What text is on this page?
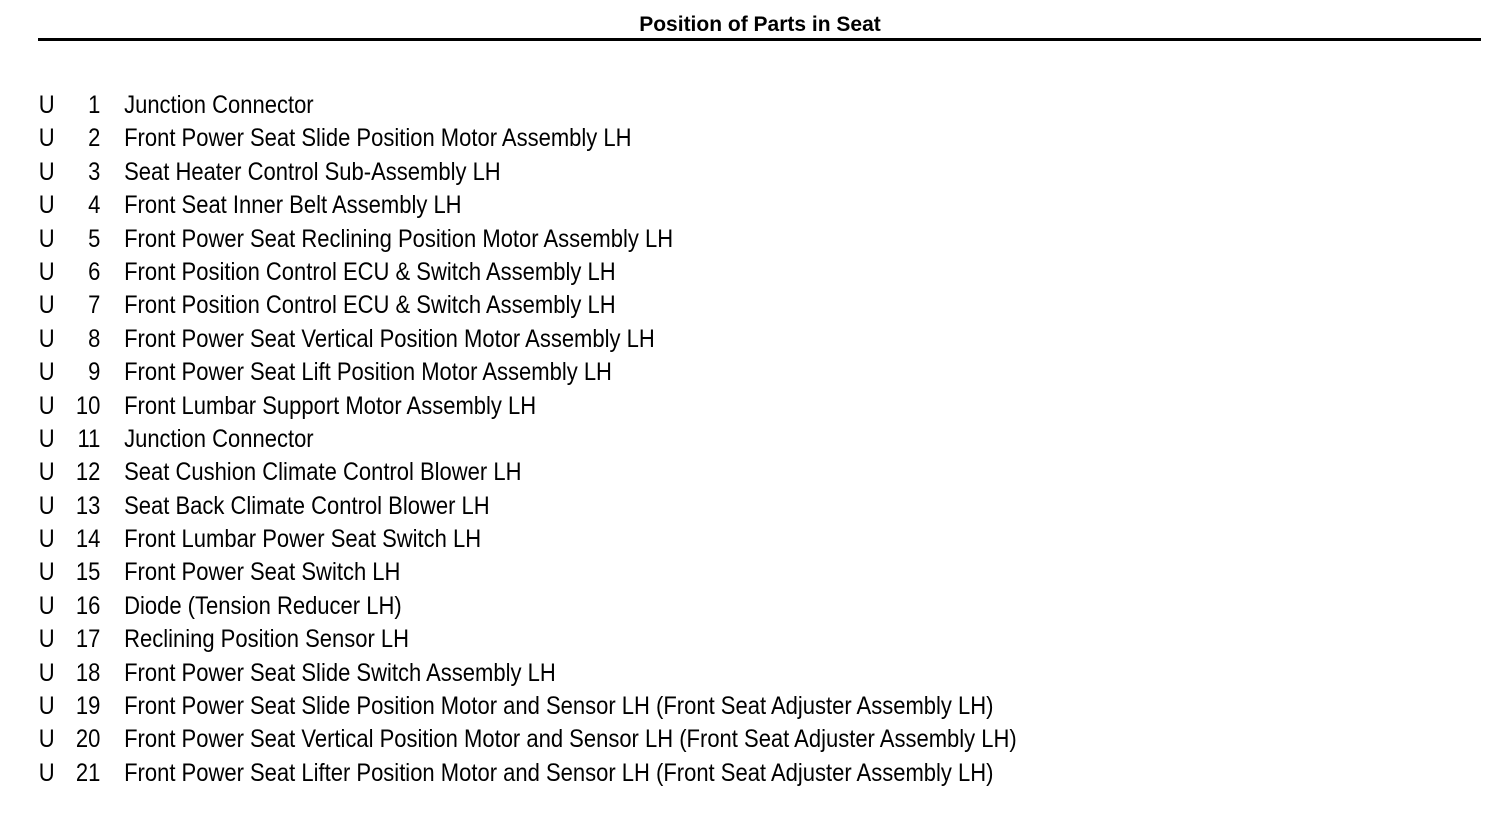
Position of Parts in Seat
U	1 Junction Connector
U	2 Front Power Seat Slide Position Motor Assembly LH
U	3 Seat Heater Control Sub-Assembly LH
U	4 Front Seat Inner Belt Assembly LH
U	5 Front Power Seat Reclining Position Motor Assembly LH
U	6 Front Position Control ECU & Switch Assembly LH
U	7 Front Position Control ECU & Switch Assembly LH
U	8 Front Power Seat Vertical Position Motor Assembly LH
U	9 Front Power Seat Lift Position Motor Assembly LH
U 10 Front Lumbar Support Motor Assembly LH
U 11 Junction Connector
U 12 Seat Cushion Climate Control Blower LH
U 13 Seat Back Climate Control Blower LH
U 14 Front Lumbar Power Seat Switch LH
U 15 Front Power Seat Switch LH
U 16 Diode (Tension Reducer LH)
U 17 Reclining Position Sensor LH
U 18 Front Power Seat Slide Switch Assembly LH
U 19 Front Power Seat Slide Position Motor and Sensor LH (Front Seat Adjuster Assembly LH)
U 20 Front Power Seat Vertical Position Motor and Sensor LH (Front Seat Adjuster Assembly LH)
U 21 Front Power Seat Lifter Position Motor and Sensor LH (Front Seat Adjuster Assembly LH)
